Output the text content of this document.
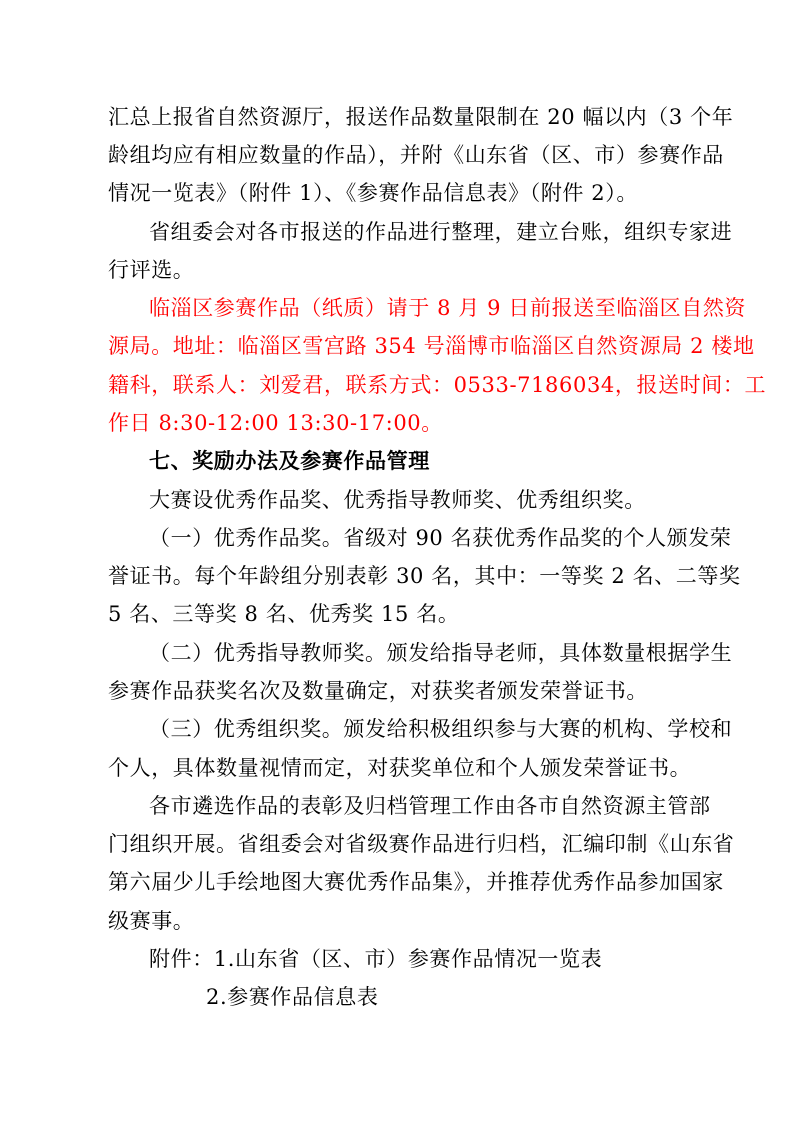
汇总上报省自然资源厅，报送作品数量限制在 20 幅以内（3 个年
龄组均应有相应数量的作品），并附《山东省（区、市）参赛作品
情况一览表》（附件 1）、《参赛作品信息表》（附件 2）。
省组委会对各市报送的作品进行整理，建立台账，组织专家进
行评选。
临淄区参赛作品（纸质）请于 8 月 9 日前报送至临淄区自然资
源局。地址：临淄区雪宫路 354 号淄博市临淄区自然资源局 2 楼地
籍科，联系人：刘爱君，联系方式：0533-7186034，报送时间：工
作日 8:30-12:00 13:30-17:00。
七、奖励办法及参赛作品管理
大赛设优秀作品奖、优秀指导教师奖、优秀组织奖。
（一）优秀作品奖。省级对 90 名获优秀作品奖的个人颁发荣
誉证书。每个年龄组分别表彰 30 名，其中：一等奖 2 名、二等奖
5 名、三等奖 8 名、优秀奖 15 名。
（二）优秀指导教师奖。颁发给指导老师，具体数量根据学生
参赛作品获奖名次及数量确定，对获奖者颁发荣誉证书。
（三）优秀组织奖。颁发给积极组织参与大赛的机构、学校和
个人，具体数量视情而定，对获奖单位和个人颁发荣誉证书。
各市遴选作品的表彰及归档管理工作由各市自然资源主管部
门组织开展。省组委会对省级赛作品进行归档，汇编印制《山东省
第六届少儿手绘地图大赛优秀作品集》，并推荐优秀作品参加国家
级赛事。
附件：1.山东省（区、市）参赛作品情况一览表
2.参赛作品信息表
